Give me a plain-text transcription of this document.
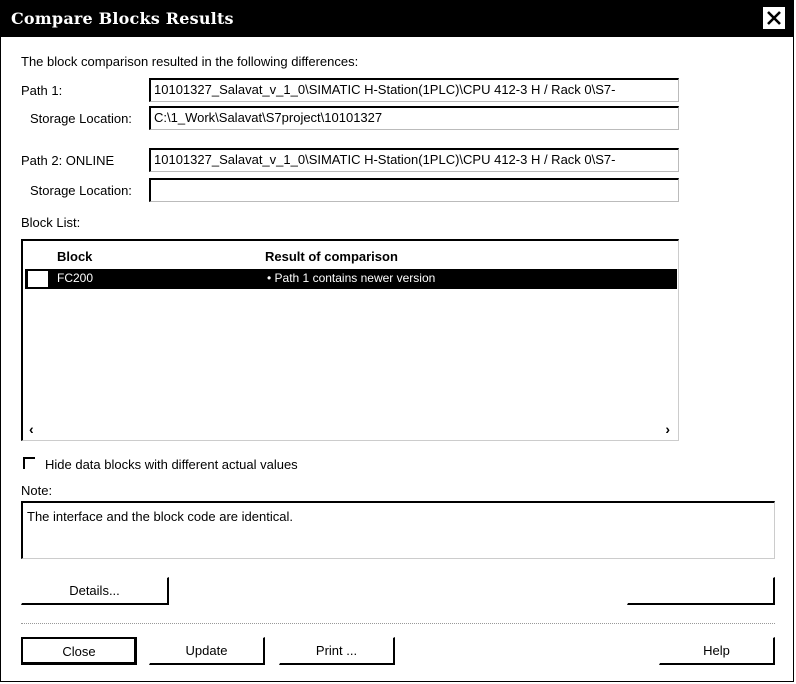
Compare Blocks Results
The block comparison resulted in the following differences:
Path 1:	10101327_Salavat_v_1_0\SIMATIC H-Station(1PLC)\CPU 412-3 H / Rack 0\S7-
Storage Location:	C:\1_Work\Salavat\S7project\10101327
Path 2: ONLINE	10101327_Salavat_v_1_0\SIMATIC H-Station(1PLC)\CPU 412-3 H / Rack 0\S7-
Storage Location:
Block List:
Block	Result of comparison
FC200	• Path 1 contains newer version
‹	›
Hide data blocks with different actual values
Note:
The interface and the block code are identical.
Details...
Close	Update	Print ...	Help
